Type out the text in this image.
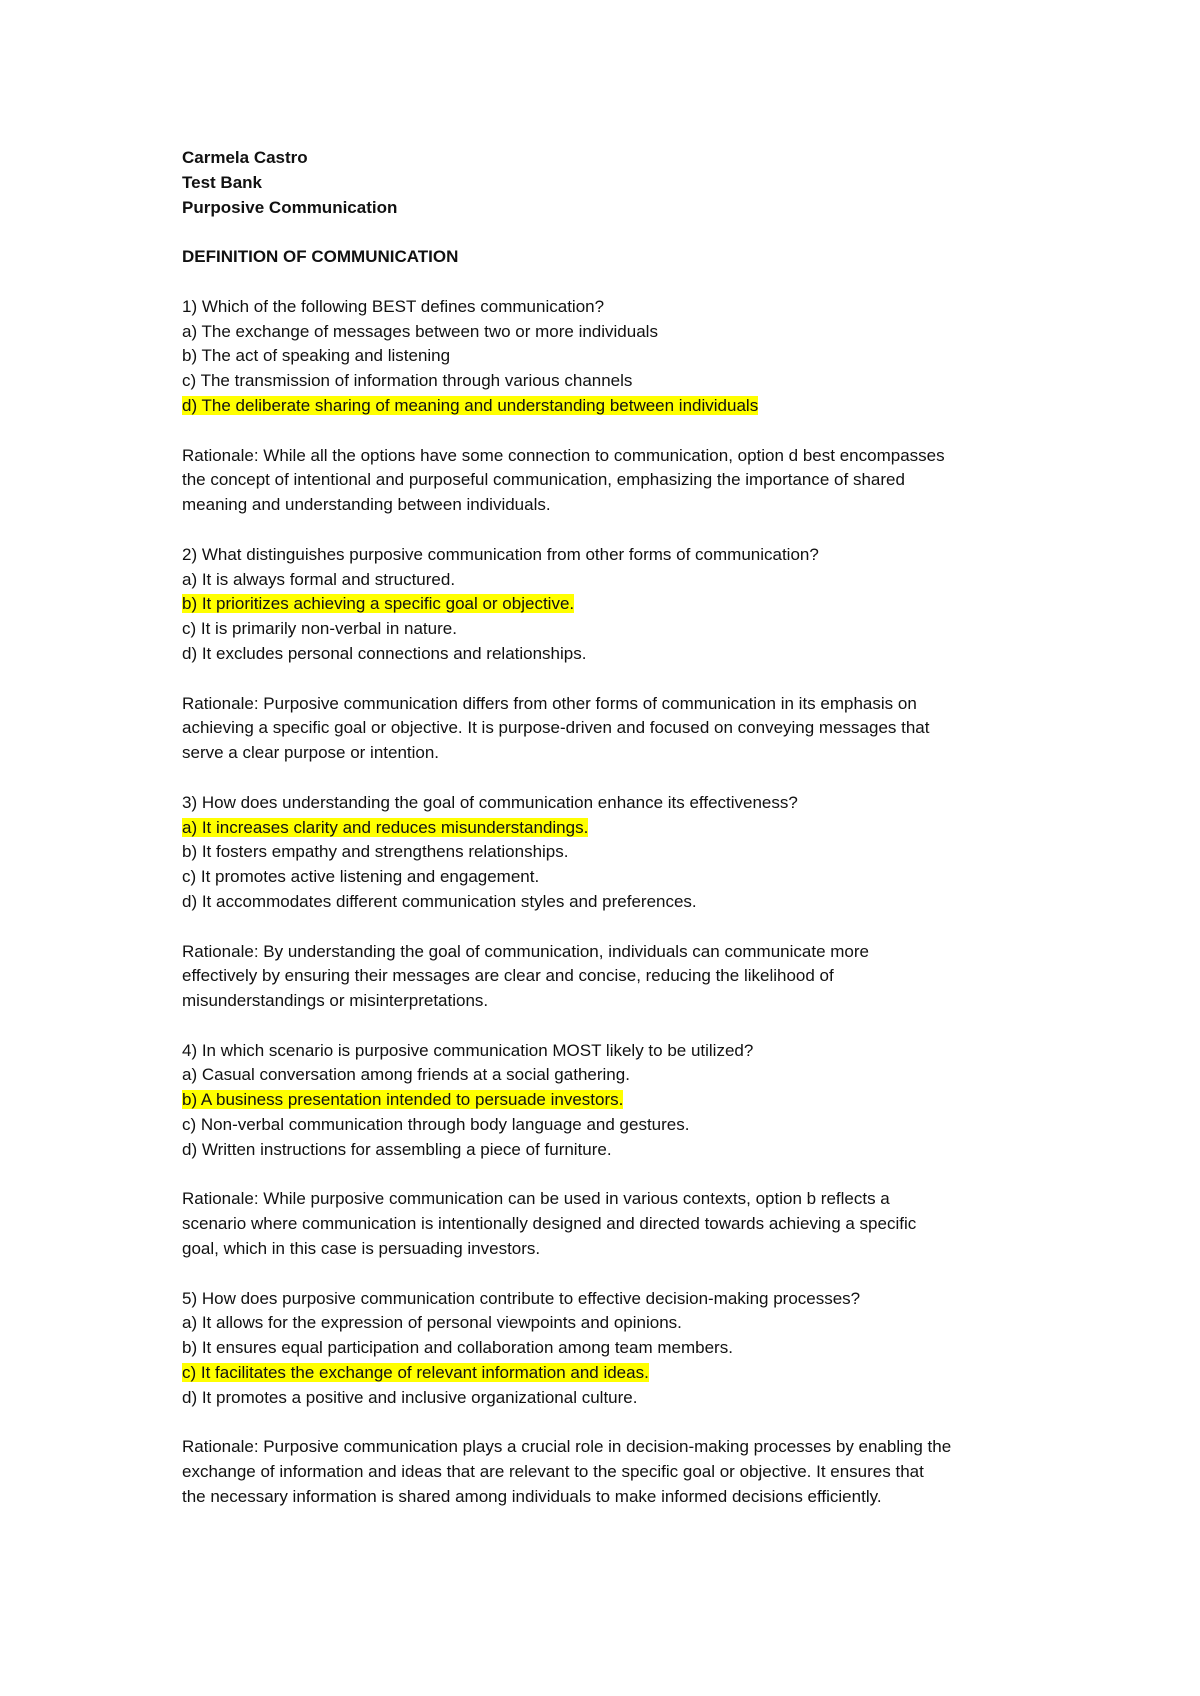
Carmela Castro
Test Bank
Purposive Communication
DEFINITION OF COMMUNICATION
1) Which of the following BEST defines communication?
a) The exchange of messages between two or more individuals
b) The act of speaking and listening
c) The transmission of information through various channels
d) The deliberate sharing of meaning and understanding between individuals
Rationale: While all the options have some connection to communication, option d best encompasses
the concept of intentional and purposeful communication, emphasizing the importance of shared
meaning and understanding between individuals.
2) What distinguishes purposive communication from other forms of communication?
a) It is always formal and structured.
b) It prioritizes achieving a specific goal or objective.
c) It is primarily non-verbal in nature.
d) It excludes personal connections and relationships.
Rationale: Purposive communication differs from other forms of communication in its emphasis on
achieving a specific goal or objective. It is purpose-driven and focused on conveying messages that
serve a clear purpose or intention.
3) How does understanding the goal of communication enhance its effectiveness?
a) It increases clarity and reduces misunderstandings.
b) It fosters empathy and strengthens relationships.
c) It promotes active listening and engagement.
d) It accommodates different communication styles and preferences.
Rationale: By understanding the goal of communication, individuals can communicate more
effectively by ensuring their messages are clear and concise, reducing the likelihood of
misunderstandings or misinterpretations.
4) In which scenario is purposive communication MOST likely to be utilized?
a) Casual conversation among friends at a social gathering.
b) A business presentation intended to persuade investors.
c) Non-verbal communication through body language and gestures.
d) Written instructions for assembling a piece of furniture.
Rationale: While purposive communication can be used in various contexts, option b reflects a
scenario where communication is intentionally designed and directed towards achieving a specific
goal, which in this case is persuading investors.
5) How does purposive communication contribute to effective decision-making processes?
a) It allows for the expression of personal viewpoints and opinions.
b) It ensures equal participation and collaboration among team members.
c) It facilitates the exchange of relevant information and ideas.
d) It promotes a positive and inclusive organizational culture.
Rationale: Purposive communication plays a crucial role in decision-making processes by enabling the
exchange of information and ideas that are relevant to the specific goal or objective. It ensures that
the necessary information is shared among individuals to make informed decisions efficiently.
